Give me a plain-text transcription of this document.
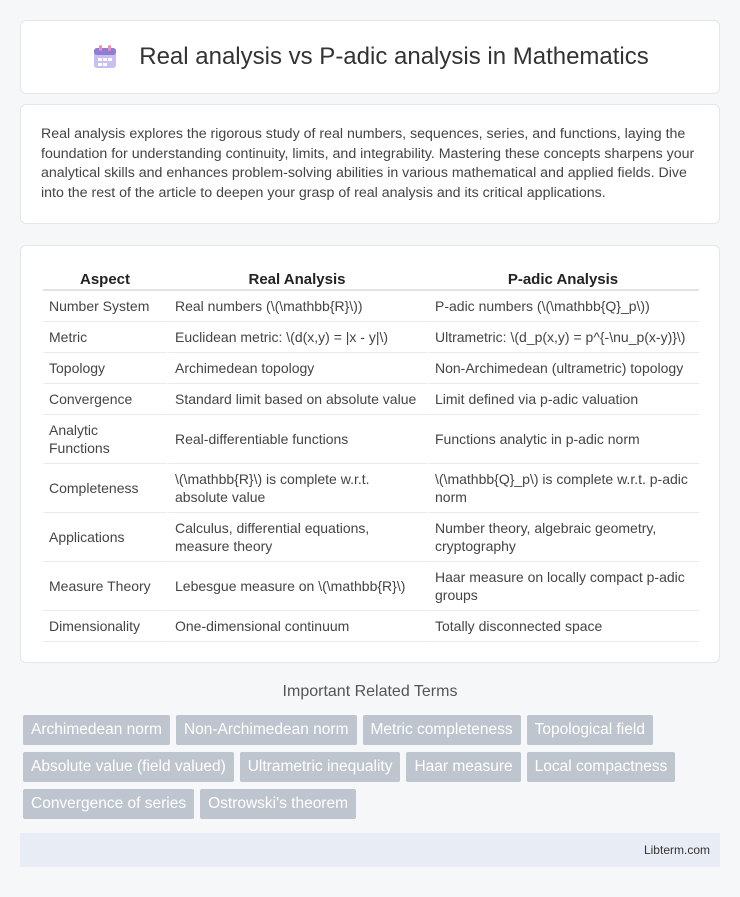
Real analysis vs P-adic analysis in Mathematics

Real analysis explores the rigorous study of real numbers, sequences, series, and functions, laying the foundation for understanding continuity, limits, and integrability. Mastering these concepts sharpens your analytical skills and enhances problem-solving abilities in various mathematical and applied fields. Dive into the rest of the article to deepen your grasp of real analysis and its critical applications.

Aspect	Real Analysis	P-adic Analysis
Number System	Real numbers (\(\mathbb{R}\))	P-adic numbers (\(\mathbb{Q}_p\))
Metric	Euclidean metric: \(d(x,y) = |x - y|\)	Ultrametric: \(d_p(x,y) = p^{-\nu_p(x-y)}\)
Topology	Archimedean topology	Non-Archimedean (ultrametric) topology
Convergence	Standard limit based on absolute value	Limit defined via p-adic valuation
Analytic Functions	Real-differentiable functions	Functions analytic in p-adic norm
Completeness	\(\mathbb{R}\) is complete w.r.t. absolute value	\(\mathbb{Q}_p\) is complete w.r.t. p-adic norm
Applications	Calculus, differential equations, measure theory	Number theory, algebraic geometry, cryptography
Measure Theory	Lebesgue measure on \(\mathbb{R}\)	Haar measure on locally compact p-adic groups
Dimensionality	One-dimensional continuum	Totally disconnected space
Important Related Terms
Archimedean norm	Non-Archimedean norm	Metric completeness	Topological field
Absolute value (field valued)	Ultrametric inequality	Haar measure	Local compactness
Convergence of series	Ostrowski's theorem
Libterm.com
